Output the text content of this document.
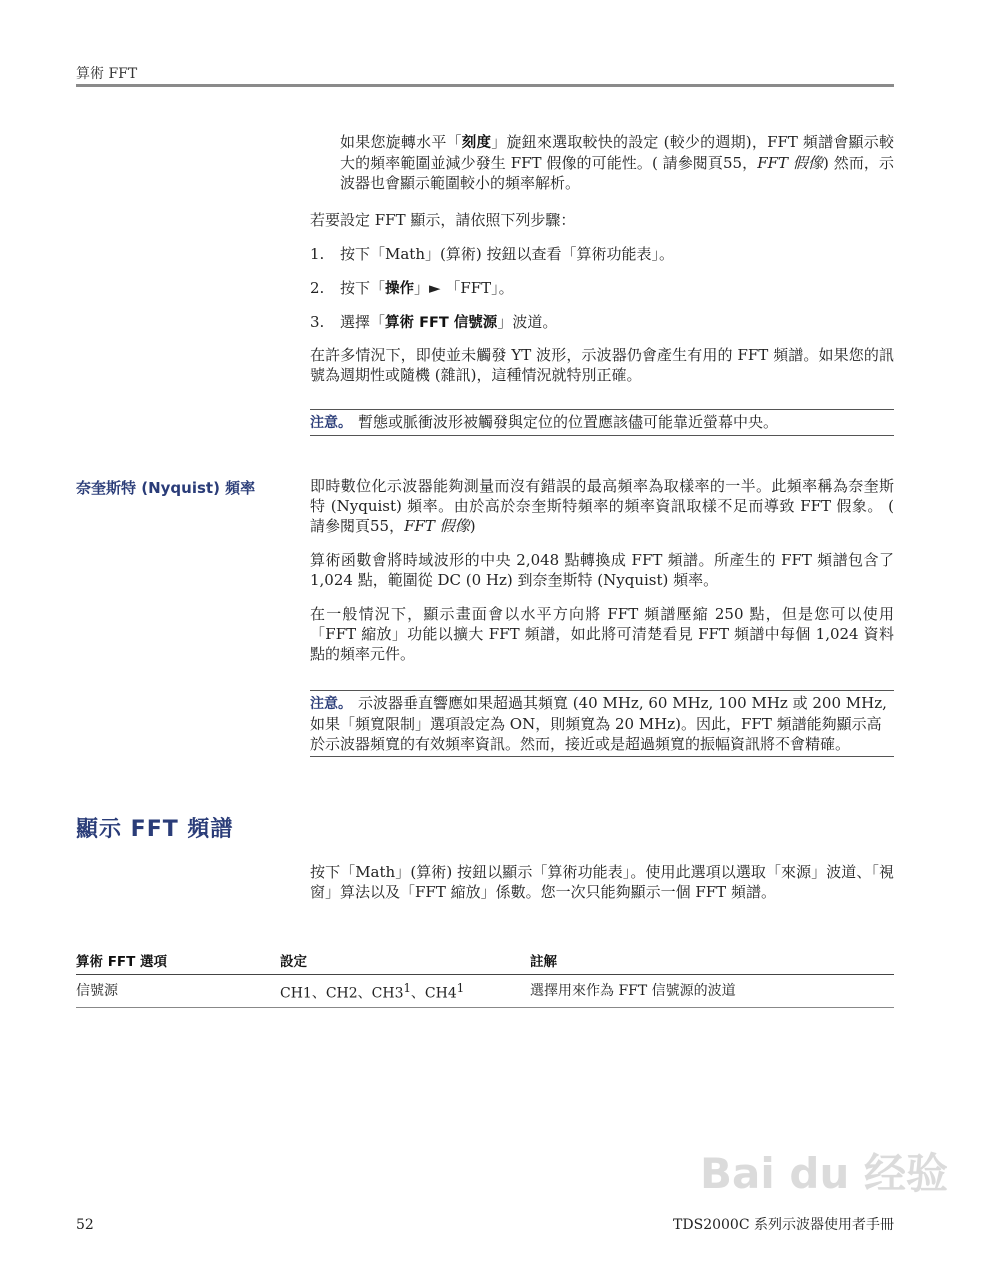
算術 FFT
如果您旋轉水平「刻度」旋鈕來選取較快的設定 (較少的週期)，FFT 頻譜會顯示較大的頻率範圍並減少發生 FFT 假像的可能性。( 請參閱頁55，FFT 假像) 然而，示波器也會顯示範圍較小的頻率解析。
若要設定 FFT 顯示，請依照下列步驟：
1. 按下「Math」(算術) 按鈕以查看「算術功能表」。
2. 按下「操作」► 「FFT」。
3. 選擇「算術 FFT 信號源」波道。
在許多情況下，即使並未觸發 YT 波形，示波器仍會產生有用的 FFT 頻譜。如果您的訊號為週期性或隨機 (雜訊)，這種情況就特別正確。
注意。 暫態或脈衝波形被觸發與定位的位置應該儘可能靠近螢幕中央。
奈奎斯特 (Nyquist) 頻率	即時數位化示波器能夠測量而沒有錯誤的最高頻率為取樣率的一半。此頻率稱為奈奎斯特 (Nyquist) 頻率。由於高於奈奎斯特頻率的頻率資訊取樣不足而導致 FFT 假象。 ( 請參閱頁55，FFT 假像)
算術函數會將時域波形的中央 2,048 點轉換成 FFT 頻譜。所產生的 FFT 頻譜包含了 1,024 點，範圍從 DC (0 Hz) 到奈奎斯特 (Nyquist) 頻率。
在一般情況下，顯示畫面會以水平方向將 FFT 頻譜壓縮 250 點，但是您可以使用「FFT 縮放」功能以擴大 FFT 頻譜，如此將可清楚看見 FFT 頻譜中每個 1,024 資料點的頻率元件。
注意。 示波器垂直響應如果超過其頻寬 (40 MHz, 60 MHz, 100 MHz 或 200 MHz, 如果「頻寬限制」選項設定為 ON，則頻寬為 20 MHz)。因此，FFT 頻譜能夠顯示高於示波器頻寬的有效頻率資訊。然而，接近或是超過頻寬的振幅資訊將不會精確。
顯示 FFT 頻譜
按下「Math」(算術) 按鈕以顯示「算術功能表」。使用此選項以選取「來源」波道、「視窗」算法以及「FFT 縮放」係數。您一次只能夠顯示一個 FFT 頻譜。
算術 FFT 選項	設定	註解
信號源	CH1、CH2、$CH3^1$、$CH4^1$	選擇用來作為 FFT 信號源的波道
Bai du 经验
52	TDS2000C 系列示波器使用者手冊
